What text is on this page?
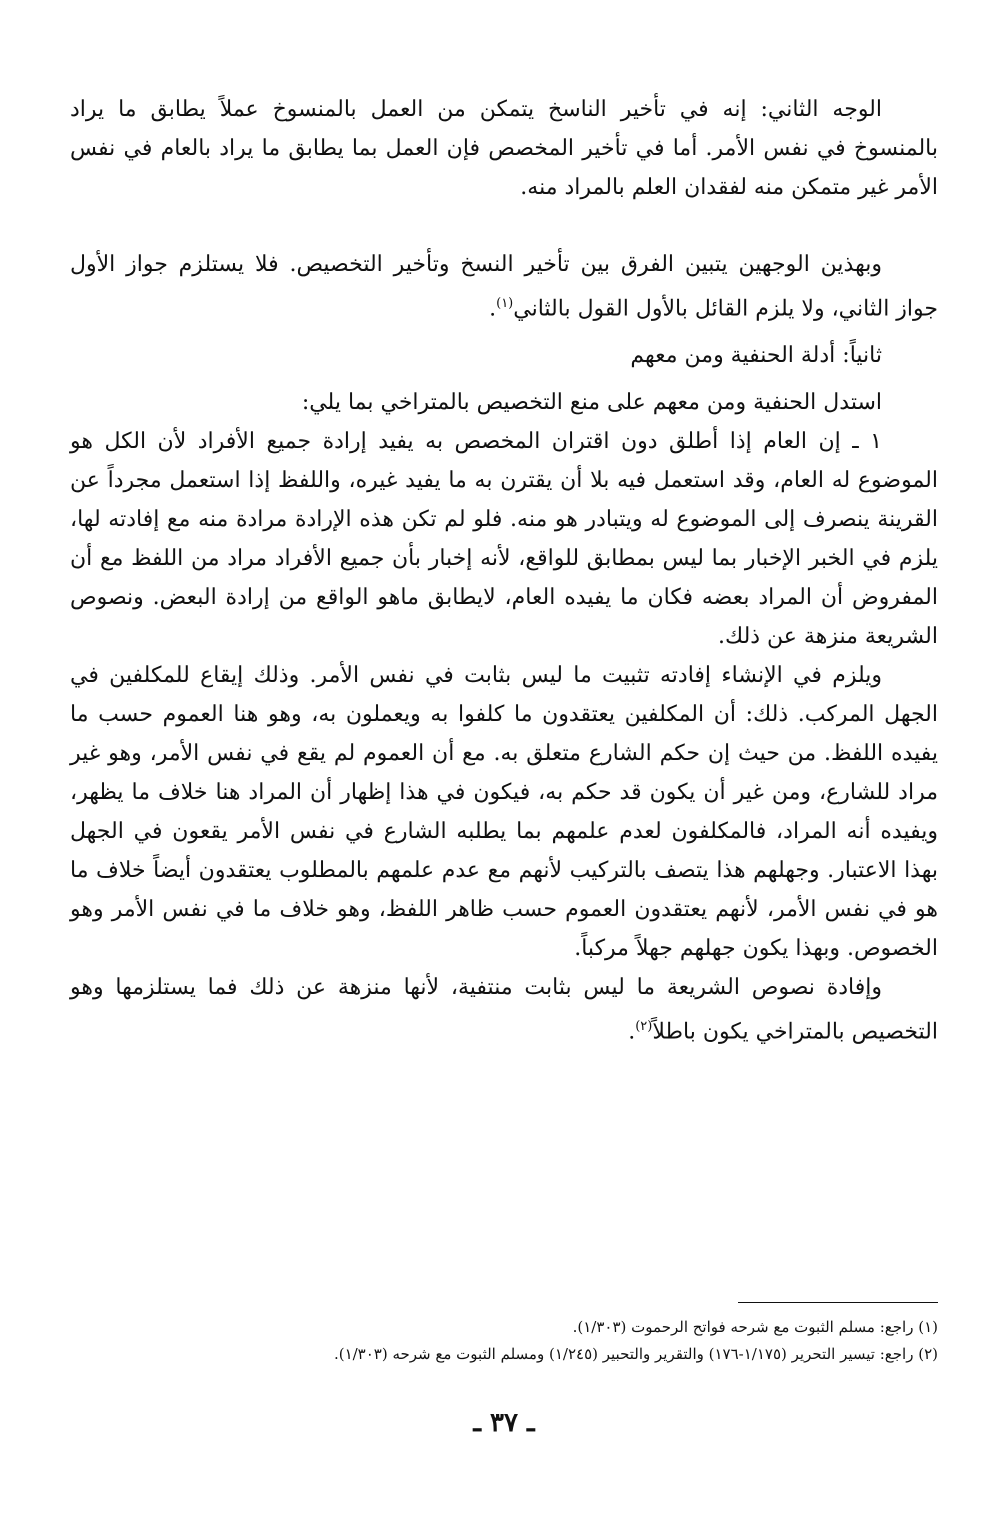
الوجه الثاني: إنه في تأخير الناسخ يتمكن من العمل بالمنسوخ عملاً يطابق ما يراد بالمنسوخ في نفس الأمر. أما في تأخير المخصص فإن العمل بما يطابق ما يراد بالعام في نفس الأمر غير متمكن منه لفقدان العلم بالمراد منه.

وبهذين الوجهين يتبين الفرق بين تأخير النسخ وتأخير التخصيص. فلا يستلزم جواز الأول جواز الثاني، ولا يلزم القائل بالأول القول بالثاني$^{(١)}$.

ثانياً: أدلة الحنفية ومن معهم

استدل الحنفية ومن معهم على منع التخصيص بالمتراخي بما يلي:

١ ـ إن العام إذا أطلق دون اقتران المخصص به يفيد إرادة جميع الأفراد لأن الكل هو الموضوع له العام، وقد استعمل فيه بلا أن يقترن به ما يفيد غيره، واللفظ إذا استعمل مجرداً عن القرينة ينصرف إلى الموضوع له ويتبادر هو منه. فلو لم تكن هذه الإرادة مرادة منه مع إفادته لها، يلزم في الخبر الإخبار بما ليس بمطابق للواقع، لأنه إخبار بأن جميع الأفراد مراد من اللفظ مع أن المفروض أن المراد بعضه فكان ما يفيده العام، لايطابق ماهو الواقع من إرادة البعض. ونصوص الشريعة منزهة عن ذلك.

ويلزم في الإنشاء إفادته تثبيت ما ليس بثابت في نفس الأمر. وذلك إيقاع للمكلفين في الجهل المركب. ذلك: أن المكلفين يعتقدون ما كلفوا به ويعملون به، وهو هنا العموم حسب ما يفيده اللفظ. من حيث إن حكم الشارع متعلق به. مع أن العموم لم يقع في نفس الأمر، وهو غير مراد للشارع، ومن غير أن يكون قد حكم به، فيكون في هذا إظهار أن المراد هنا خلاف ما يظهر، ويفيده أنه المراد، فالمكلفون لعدم علمهم بما يطلبه الشارع في نفس الأمر يقعون في الجهل بهذا الاعتبار. وجهلهم هذا يتصف بالتركيب لأنهم مع عدم علمهم بالمطلوب يعتقدون أيضاً خلاف ما هو في نفس الأمر، لأنهم يعتقدون العموم حسب ظاهر اللفظ، وهو خلاف ما في نفس الأمر وهو الخصوص. وبهذا يكون جهلهم جهلاً مركباً.

وإفادة نصوص الشريعة ما ليس بثابت منتفية، لأنها منزهة عن ذلك فما يستلزمها وهو التخصيص بالمتراخي يكون باطلاً$^{(٢)}$.

(١) راجع: مسلم الثبوت مع شرحه فواتح الرحموت (١/٣٠٣).

(٢) راجع: تيسير التحرير (١/١٧٥-١٧٦) والتقرير والتحبير (١/٢٤٥) ومسلم الثبوت مع شرحه (١/٣٠٣).

ـ ٣٧ ـ
